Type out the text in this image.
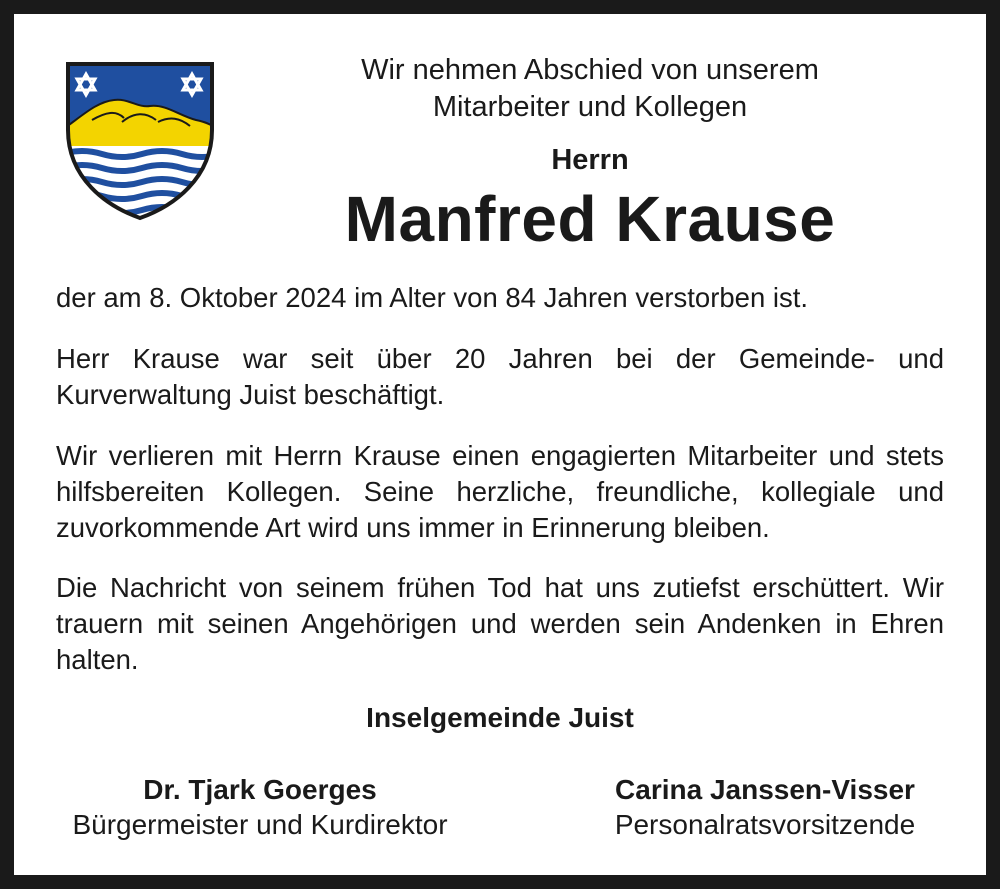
Wir nehmen Abschied von unserem
Mitarbeiter und Kollegen
Herrn
Manfred Krause
der am 8. Oktober 2024 im Alter von 84 Jahren verstorben ist.
Herr Krause war seit über 20 Jahren bei der Gemeinde- und Kurverwaltung Juist beschäftigt.
Wir verlieren mit Herrn Krause einen engagierten Mitarbeiter und stets hilfsbereiten Kollegen. Seine herzliche, freundliche, kollegiale und zuvorkommende Art wird uns immer in Erinnerung bleiben.
Die Nachricht von seinem frühen Tod hat uns zutiefst erschüttert. Wir trauern mit seinen Angehörigen und werden sein Andenken in Ehren halten.
Inselgemeinde Juist
Dr. Tjark Goerges
Bürgermeister und Kurdirektor
Carina Janssen-Visser
Personalratsvorsitzende
